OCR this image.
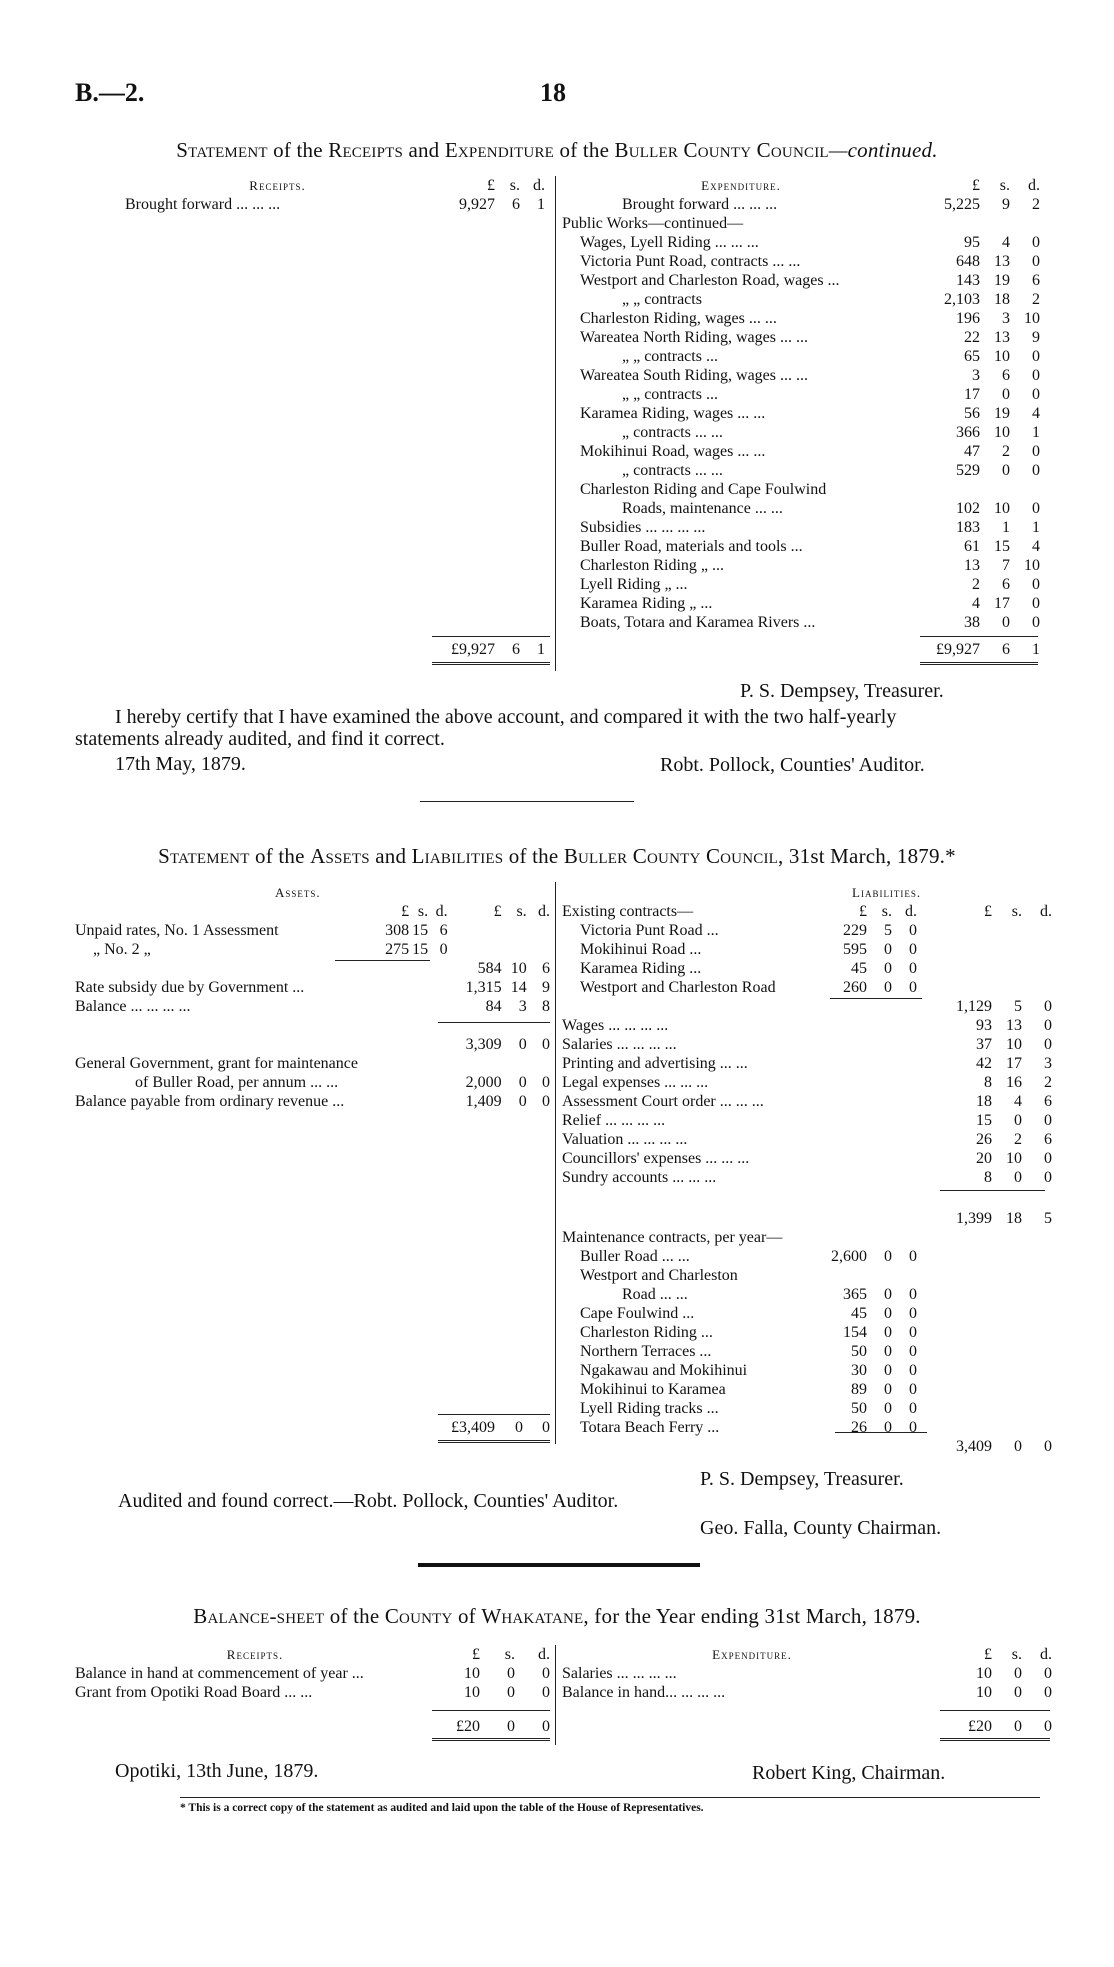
B.—2.	18
Statement of the Receipts and Expenditure of the Buller County Council—continued.
Receipts.	£	s.	d.
Brought forward ... ... ...	9,927	6	1
	£9,927	6	1
Expenditure.	£	s.	d.
Brought forward ... ... ...	5,225	9	2
Public Works—continued—			
Wages, Lyell Riding ... ... ...	95	4	0
Victoria Punt Road, contracts ... ...	648	13	0
Westport and Charleston Road, wages ...	143	19	6
„ „ contracts	2,103	18	2
Charleston Riding, wages ... ...	196	3	10
Wareatea North Riding, wages ... ...	22	13	9
„ „ contracts ...	65	10	0
Wareatea South Riding, wages ... ...	3	6	0
„ „ contracts ...	17	0	0
Karamea Riding, wages ... ...	56	19	4
„ contracts ... ...	366	10	1
Mokihinui Road, wages ... ...	47	2	0
„ contracts ... ...	529	0	0
Charleston Riding and Cape Foulwind			
Roads, maintenance ... ...	102	10	0
Subsidies ... ... ... ...	183	1	1
Buller Road, materials and tools ...	61	15	4
Charleston Riding „ ...	13	7	10
Lyell Riding „ ...	2	6	0
Karamea Riding „ ...	4	17	0
Boats, Totara and Karamea Rivers ...	38	0	0
	£9,927	6	1
P. S. Dempsey, Treasurer.
I hereby certify that I have examined the above account, and compared it with the two half-yearly
statements already audited, and find it correct.
17th May, 1879.	Robt. Pollock, Counties' Auditor.
Statement of the Assets and Liabilities of the Buller County Council, 31st March, 1879.*
Assets.						
	£	s.	d.	£	s.	d.
Unpaid rates, No. 1 Assessment	308	15	6			
„ No. 2 „	275	15	0			
				584	10	6
Rate subsidy due by Government ...				1,315	14	9
Balance ... ... ... ...				84	3	8

				3,309	0	0
General Government, grant for maintenance						
of Buller Road, per annum ... ...				2,000	0	0
Balance payable from ordinary revenue ...				1,409	0	0
	£3,409	0	0
Liabilities.						
Existing contracts—	£	s.	d.	£	s.	d.
Victoria Punt Road ...	229	5	0			
Mokihinui Road ...	595	0	0			
Karamea Riding ...	45	0	0			
Westport and Charleston Road	260	0	0			
				1,129	5	0
Wages ... ... ... ...				93	13	0
Salaries ... ... ... ...				37	10	0
Printing and advertising ... ...				42	17	3
Legal expenses ... ... ...				8	16	2
Assessment Court order ... ... ...				18	4	6
Relief ... ... ... ...				15	0	0
Valuation ... ... ... ...				26	2	6
Councillors' expenses ... ... ...				20	10	0
Sundry accounts ... ... ...				8	0	0

				1,399	18	5
Maintenance contracts, per year—						
Buller Road ... ...	2,600	0	0			
Westport and Charleston						
Road ... ...	365	0	0			
Cape Foulwind ...	45	0	0			
Charleston Riding ...	154	0	0			
Northern Terraces ...	50	0	0			
Ngakawau and Mokihinui	30	0	0			
Mokihinui to Karamea	89	0	0			
Lyell Riding tracks ...	50	0	0			
Totara Beach Ferry ...	26	0	0			
				3,409	0	0
P. S. Dempsey, Treasurer.
Audited and found correct.—Robt. Pollock, Counties' Auditor.
Geo. Falla, County Chairman.
Balance-sheet of the County of Whakatane, for the Year ending 31st March, 1879.
Receipts.	£	s.	d.
Balance in hand at commencement of year ...	10	0	0
Grant from Opotiki Road Board ... ...	10	0	0
	£20	0	0
Expenditure.	£	s.	d.
Salaries ... ... ... ...	10	0	0
Balance in hand... ... ... ...	10	0	0
	£20	0	0
Opotiki, 13th June, 1879.	Robert King, Chairman.
* This is a correct copy of the statement as audited and laid upon the table of the House of Representatives.
